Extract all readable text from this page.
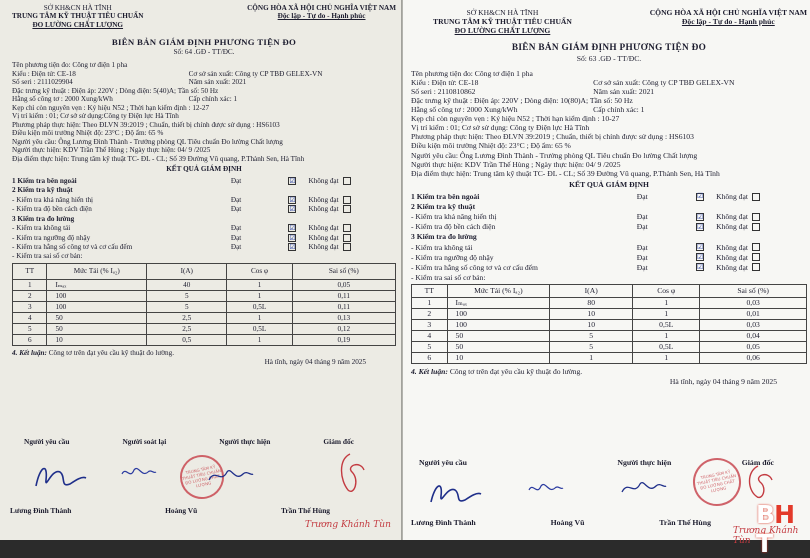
SỞ KH&CN HÀ TĨNH
TRUNG TÂM KỸ THUẬT TIÊU CHUẨN
ĐO LƯỜNG CHẤT LƯỢNG
CỘNG HÒA XÃ HỘI CHỦ NGHĨA VIỆT NAM
Độc lập - Tự do - Hạnh phúc
BIÊN BẢN GIÁM ĐỊNH PHƯƠNG TIỆN ĐO
Số: 64 .GĐ - TT/ĐC.

Tên phương tiện đo: Công tơ điện 1 pha

Kiểu : Điện tử: CE-18	Cơ sở sản xuất: Công ty CP TBĐ GELEX-VN

Số seri : 2111029904	Năm sản xuất: 2021

Đặc trưng kỹ thuật : Điện áp: 220V ; Dòng điện: 5(40)A; Tần số: 50 Hz

Hằng số công tơ : 2000 Xung/kWh	Cấp chính xác: 1

Kẹp chì còn nguyên vẹn : Ký hiệu N52 ; Thời hạn kiểm định : 12-27

Vị trí kiểm : 01; Cơ sở sử dụng:Công ty Điện lực Hà Tĩnh

Phương pháp thực hiện: Theo ĐLVN 39:2019 ; Chuẩn, thiết bị chính được sử dụng : HS6103

Điều kiện môi trường Nhiệt độ: 23°C ; Độ ẩm: 65 %

Người yêu cầu: Ông Lương Đình Thành - Trưởng phòng QL Tiêu chuẩn Đo lường Chất lượng

Người thực hiện: KDV Trần Thế Hùng ; Ngày thực hiện: 04/ 9 /2025

Địa điểm thực hiện: Trung tâm kỹ thuật TC- ĐL - CL; Số 39 Đường Vũ quang, P.Thành Sen, Hà Tĩnh

KẾT QUẢ GIÁM ĐỊNH
1 Kiểm tra bên ngoài	Đạt	☑ Không đạt
2 Kiểm tra kỹ thuật
- Kiểm tra khả năng hiển thị	Đạt	☑ Không đạt
- Kiểm tra độ bền cách điện	Đạt	☑ Không đạt
3 Kiểm tra đo lường
- Kiểm tra không tải	Đạt	☑ Không đạt
- Kiểm tra ngưỡng độ nhậy	Đạt	☑ Không đạt
- Kiểm tra hằng số công tơ và cơ cấu đếm	Đạt	☑ Không đạt
- Kiểm tra sai số cơ bản:
TT	Mức Tải (% Iₐ₂)	I(A)	Cos φ	Sai số (%)
1	Iₘₐₓ	40	1	0,05
2	100	5	1	0,11
3	100	5	0,5L	0,11
4	50	2,5	1	0,13
5	50	2,5	0,5L	0,12
6	10	0,5	1	0,19
4. Kết luận: Công tơ trên đạt yêu cầu kỹ thuật đo lường.
Hà tĩnh, ngày 04 tháng 9 năm 2025
Người yêu cầu	Người soát lại	Người thực hiện	Giám đốc
TRUNG TÂM KỸ THUẬT TIÊU CHUẨN ĐO LƯỜNG CHẤT LƯỢNG
Lương Đình Thành	Hoàng Vũ	Trần Thế Hùng
Trương Khánh Tùn
SỞ KH&CN HÀ TĨNH
TRUNG TÂM KỸ THUẬT TIÊU CHUẨN
ĐO LƯỜNG CHẤT LƯỢNG
CỘNG HÒA XÃ HỘI CHỦ NGHĨA VIỆT NAM
Độc lập - Tự do - Hạnh phúc
BIÊN BẢN GIÁM ĐỊNH PHƯƠNG TIỆN ĐO
Số: 63 .GĐ - TT/ĐC.

Tên phương tiện đo: Công tơ điện 1 pha

Kiểu : Điện tử: CE-18	Cơ sở sản xuất: Công ty CP TBĐ GELEX-VN

Số seri : 2110810862	Năm sản xuất: 2021

Đặc trưng kỹ thuật : Điện áp: 220V ; Dòng điện: 10(80)A; Tần số: 50 Hz

Hằng số công tơ : 2000 Xung/kWh	Cấp chính xác: 1

Kẹp chì còn nguyên vẹn : Ký hiệu N52 ; Thời hạn kiểm định : 10-27

Vị trí kiểm : 01; Cơ sở sử dụng: Công ty Điện lực Hà Tĩnh

Phương pháp thực hiện: Theo ĐLVN 39:2019 ; Chuẩn, thiết bị chính được sử dụng : HS6103

Điều kiện môi trường Nhiệt độ: 23°C ; Độ ẩm: 65 %

Người yêu cầu: Ông Lương Đình Thành - Trưởng phòng QL Tiêu chuẩn Đo lường Chất lượng

Người thực hiện: KDV Trần Thế Hùng ; Ngày thực hiện: 04/ 9 /2025

Địa điểm thực hiện: Trung tâm kỹ thuật TC- ĐL - CL; Số 39 Đường Vũ quang, P.Thành Sen, Hà Tĩnh

KẾT QUẢ GIÁM ĐỊNH
1 Kiểm tra bên ngoài	Đạt	☑ Không đạt
2 Kiểm tra kỹ thuật
- Kiểm tra khả năng hiển thị	Đạt	☑ Không đạt
- Kiểm tra độ bền cách điện	Đạt	☑ Không đạt
3 Kiểm tra đo lường
- Kiểm tra không tải	Đạt	☑ Không đạt
- Kiểm tra ngưỡng độ nhậy	Đạt	☑ Không đạt
- Kiểm tra hằng số công tơ và cơ cấu đếm	Đạt	☑ Không đạt
- Kiểm tra sai số cơ bản:
TT	Mức Tải (% Iₐ₂)	I(A)	Cos φ	Sai số (%)
1	Iₘₐₓ	80	1	0,03
2	100	10	1	0,01
3	100	10	0,5L	0,03
4	50	5	1	0,04
5	50	5	0,5L	0,05
6	10	1	1	0,06
4. Kết luận: Công tơ trên đạt yêu cầu kỹ thuật đo lường.
Hà tĩnh, ngày 04 tháng 9 năm 2025
Người yêu cầu	Người thực hiện	Giám đốc
TRUNG TÂM KỸ THUẬT TIÊU CHUẨN ĐO LƯỜNG CHẤT LƯỢNG
Lương Đình Thành	Hoàng Vũ	Trần Thế Hùng
Trương Khánh Tùn
BHT
